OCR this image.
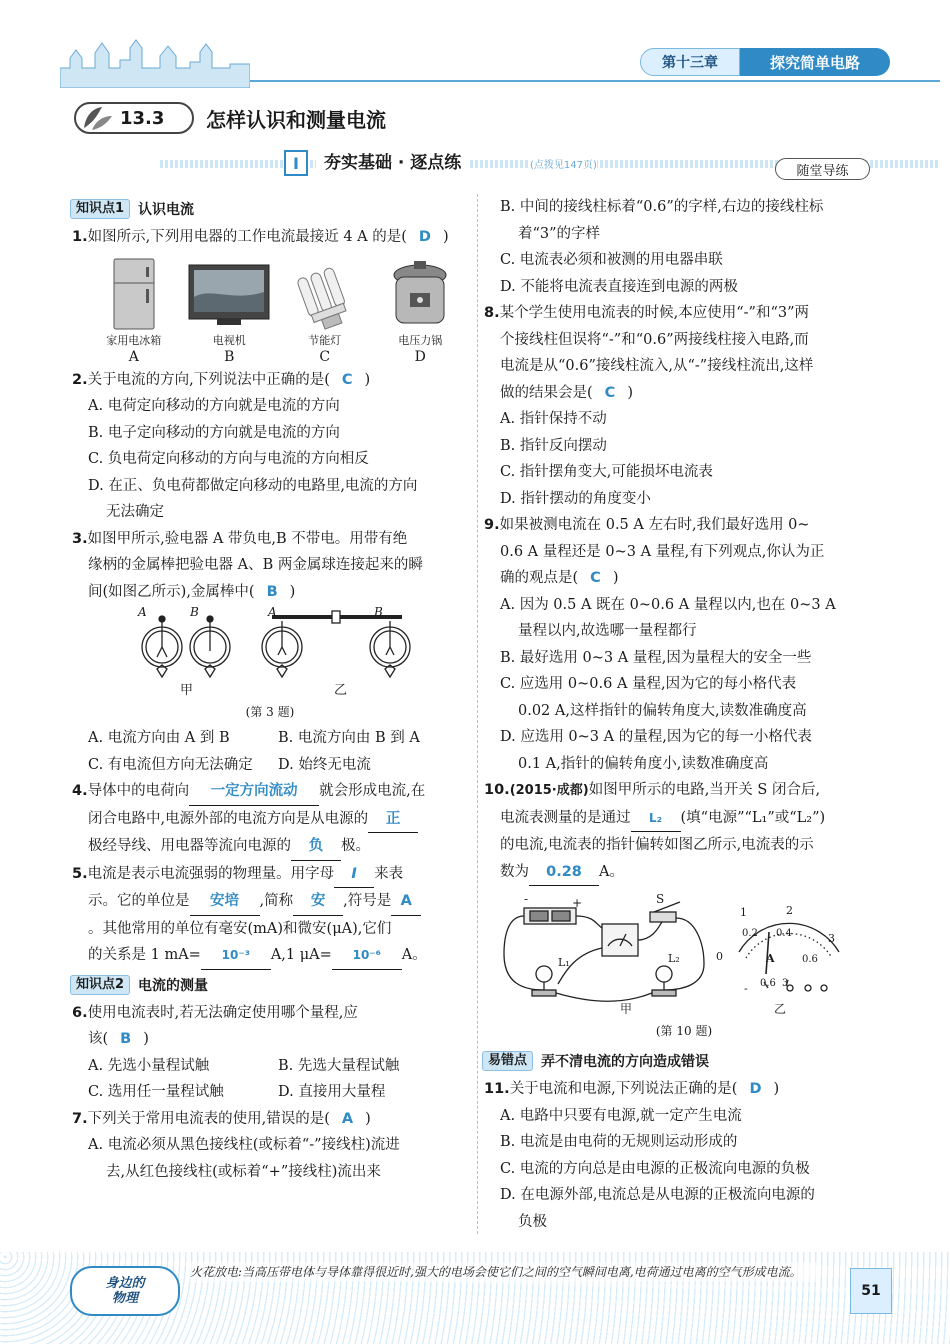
第十三章	探究简单电路
13.3 怎样认识和测量电流
I	夯实基础 · 逐点练	(点拨见147页)	随堂导练
知识点1	认识电流
1.如图所示,下列用电器的工作电流最接近 4 A 的是( D )
家用电冰箱
A
电视机
B
节能灯
C
电压力锅
D
2.关于电流的方向,下列说法中正确的是( C )
A. 电荷定向移动的方向就是电流的方向
B. 电子定向移动的方向就是电流的方向
C. 负电荷定向移动的方向与电流的方向相反
D. 在正、负电荷都做定向移动的电路里,电流的方向
无法确定
3.如图甲所示,验电器 A 带负电,B 不带电。用带有绝
缘柄的金属棒把验电器 A、B 两金属球连接起来的瞬
间(如图乙所示),金属棒中( B )
A	B	A	B
甲	乙
(第 3 题)
A. 电流方向由 A 到 B	B. 电流方向由 B 到 A
C. 有电流但方向无法确定	D. 始终无电流
4.导体中的电荷向 一定方向流动 就会形成电流,在
闭合电路中,电源外部的电流方向是从电源的 正
极经导线、用电器等流向电源的 负 极。
5.电流是表示电流强弱的物理量。用字母 I 来表
示。它的单位是 安培 ,简称 安 ,符号是 A
。其他常用的单位有毫安(mA)和微安(μA),它们
的关系是 1 mA= 10⁻³ A,1 μA= 10⁻⁶ A。
知识点2	电流的测量
6.使用电流表时,若无法确定使用哪个量程,应
该( B )
A. 先选小量程试触	B. 先选大量程试触
C. 选用任一量程试触	D. 直接用大量程
7.下列关于常用电流表的使用,错误的是( A )
A. 电流必须从黑色接线柱(或标着“-”接线柱)流进
去,从红色接线柱(或标着“+”接线柱)流出来
B. 中间的接线柱标着“0.6”的字样,右边的接线柱标
着“3”的字样
C. 电流表必须和被测的用电器串联
D. 不能将电流表直接连到电源的两极
8.某个学生使用电流表的时候,本应使用“-”和“3”两
个接线柱但误将“-”和“0.6”两接线柱接入电路,而
电流是从“0.6”接线柱流入,从“-”接线柱流出,这样
做的结果会是( C )
A. 指针保持不动
B. 指针反向摆动
C. 指针摆角变大,可能损坏电流表
D. 指针摆动的角度变小
9.如果被测电流在 0.5 A 左右时,我们最好选用 0~
0.6 A 量程还是 0~3 A 量程,有下列观点,你认为正
确的观点是( C )
A. 因为 0.5 A 既在 0~0.6 A 量程以内,也在 0~3 A
量程以内,故选哪一量程都行
B. 最好选用 0~3 A 量程,因为量程大的安全一些
C. 应选用 0~0.6 A 量程,因为它的每小格代表
0.02 A,这样指针的偏转角度大,读数准确度高
D. 应选用 0~3 A 的量程,因为它的每一小格代表
0.1 A,指针的偏转角度小,读数准确度高
10.(2015·成都)如图甲所示的电路,当开关 S 闭合后,
电流表测量的是通过 L₂ (填“电源”“L₁”或“L₂”)
的电流,电流表的指针偏转如图乙所示,电流表的示
数为 0.28 A。
-	+	S
L₁	L₂
1	2
3
0
0.2 0.4
0.6
A
- 0.6 3
甲	乙
(第 10 题)
易错点	弄不清电流的方向造成错误
11.关于电流和电源,下列说法正确的是( D )
A. 电路中只要有电源,就一定产生电流
B. 电流是由电荷的无规则运动形成的
C. 电流的方向总是由电源的正极流向电源的负极
D. 在电源外部,电流总是从电源的正极流向电源的
负极
身边的
物理
火花放电:当高压带电体与导体靠得很近时,强大的电场会使它们之间的空气瞬间电离,电荷通过电离的空气形成电流。
51
